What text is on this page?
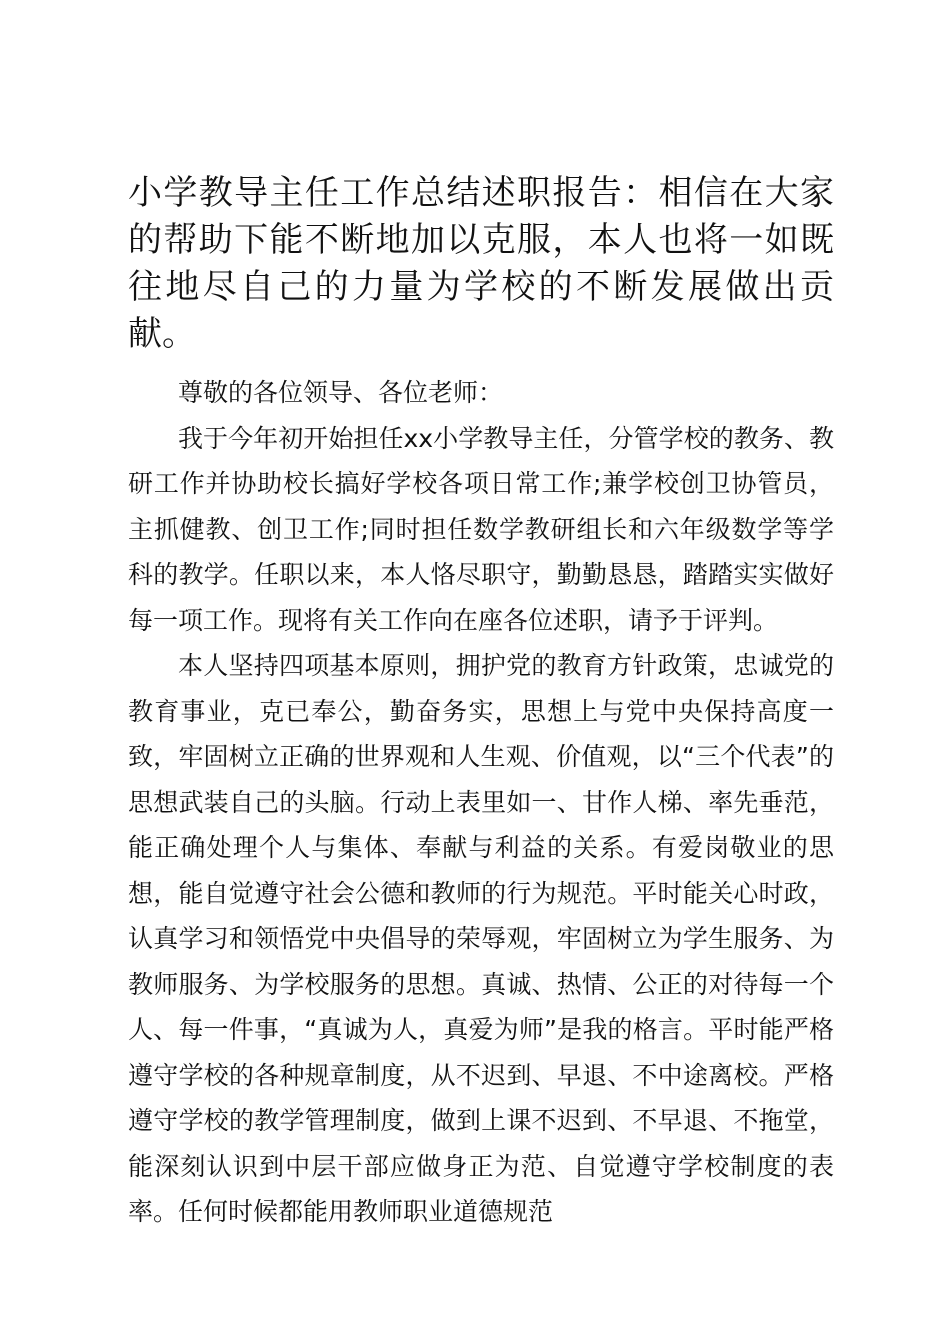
小学教导主任工作总结述职报告：相信在大家的帮助下能不断地加以克服，本人也将一如既往地尽自己的力量为学校的不断发展做出贡献。

尊敬的各位领导、各位老师：

我于今年初开始担任xx小学教导主任，分管学校的教务、教研工作并协助校长搞好学校各项日常工作;兼学校创卫协管员，主抓健教、创卫工作;同时担任数学教研组长和六年级数学等学科的教学。任职以来，本人恪尽职守，勤勤恳恳，踏踏实实做好每一项工作。现将有关工作向在座各位述职，请予于评判。

本人坚持四项基本原则，拥护党的教育方针政策，忠诚党的教育事业，克已奉公，勤奋务实，思想上与党中央保持高度一致，牢固树立正确的世界观和人生观、价值观，以“三个代表”的思想武装自己的头脑。行动上表里如一、甘作人梯、率先垂范，能正确处理个人与集体、奉献与利益的关系。有爱岗敬业的思想，能自觉遵守社会公德和教师的行为规范。平时能关心时政，认真学习和领悟党中央倡导的荣辱观，牢固树立为学生服务、为教师服务、为学校服务的思想。真诚、热情、公正的对待每一个人、每一件事，“真诚为人，真爱为师”是我的格言。平时能严格遵守学校的各种规章制度，从不迟到、早退、不中途离校。严格遵守学校的教学管理制度，做到上课不迟到、不早退、不拖堂，能深刻认识到中层干部应做身正为范、自觉遵守学校制度的表率。任何时候都能用教师职业道德规范
